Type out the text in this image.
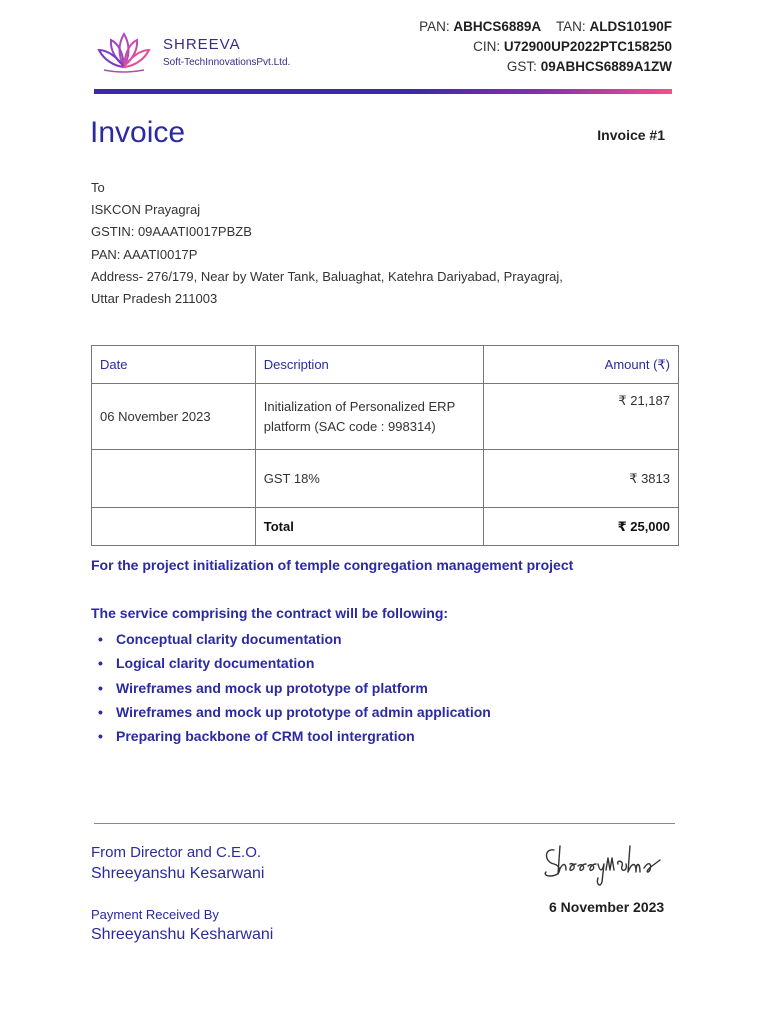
SHREEVA
Soft-TechInnovationsPvt.Ltd.
PAN: ABHCS6889A TAN: ALDS10190F
CIN: U72900UP2022PTC158250
GST: 09ABHCS6889A1ZW
Invoice	Invoice #1
To
ISKCON Prayagraj
GSTIN: 09AAATI0017PBZB
PAN: AAATI0017P
Address- 276/179, Near by Water Tank, Baluaghat, Katehra Dariyabad, Prayagraj,
Uttar Pradesh 211003
Date	Description	Amount (₹)
06 November 2023	Initialization of Personalized ERP platform (SAC code : 998314)	₹ 21,187
	GST 18%	₹ 3813
	Total	₹ 25,000
For the project initialization of temple congregation management project
The service comprising the contract will be following:
• Conceptual clarity documentation
• Logical clarity documentation
• Wireframes and mock up prototype of platform
• Wireframes and mock up prototype of admin application
• Preparing backbone of CRM tool intergration
From Director and C.E.O.
Shreeyanshu Kesarwani
Payment Received By
Shreeyanshu Kesharwani
6 November 2023
